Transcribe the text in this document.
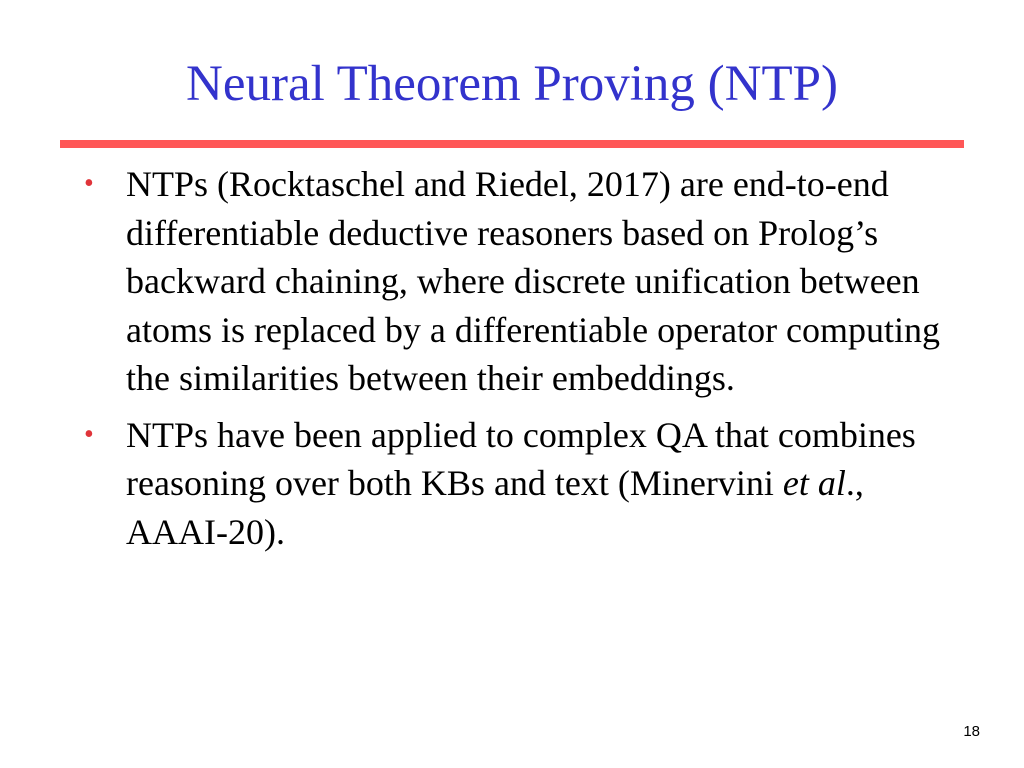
Neural Theorem Proving (NTP)
• NTPs (Rocktaschel and Riedel, 2017) are end-to-end differentiable deductive reasoners based on Prolog’s backward chaining, where discrete unification between atoms is replaced by a differentiable operator computing the similarities between their embeddings.
• NTPs have been applied to complex QA that combines reasoning over both KBs and text (Minervini et al., AAAI-20).
18
